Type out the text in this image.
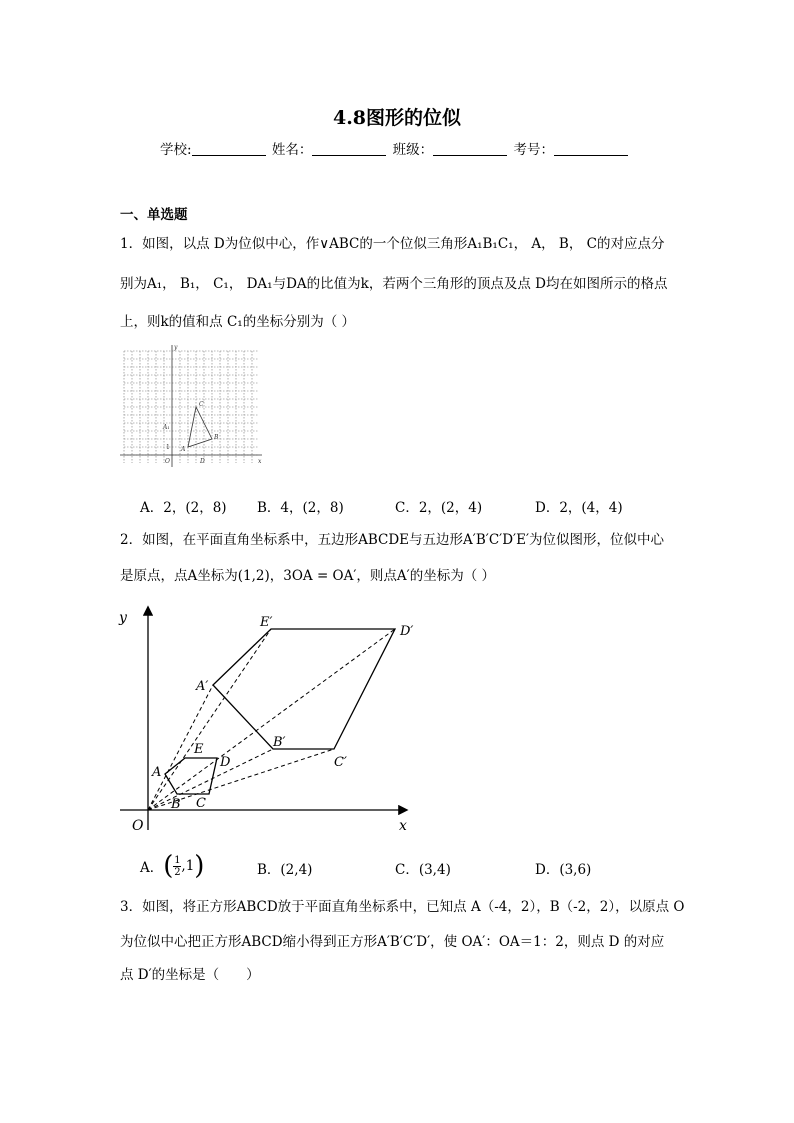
4.8图形的位似
学校:	姓名：	班级：	考号：
一、单选题
1．如图，以点 D为位似中心，作∨ABC的一个位似三角形A₁B₁C₁， A， B， C的对应点分
别为A₁， B₁， C₁， DA₁与DA的比值为k，若两个三角形的顶点及点 D均在如图所示的格点
上，则k的值和点 C₁的坐标分别为（ ）
y
x
C
B
A
A₁
O
1
D
A．2，(2，8) B．4，(2，8)	C．2，(2，4)	D．2，(4，4)
2．如图，在平面直角坐标系中，五边形ABCDE与五边形A′B′C′D′E′为位似图形，位似中心
是原点，点A坐标为(1,2)，3OA = OA′，则点A′的坐标为（ ）
y
x
O
A
B C
D
E
A′
B′
C′
D′
E′
A． ( 1
2 ,1 )	B．(2,4)	C．(3,4)	D．(3,6)
3．如图，将正方形ABCD放于平面直角坐标系中，已知点 A（-4，2），B（-2，2），以原点 O
为位似中心把正方形ABCD缩小得到正方形A′B′C′D′，使 OA′：OA＝1：2，则点 D 的对应
点 D′的坐标是（　　）
